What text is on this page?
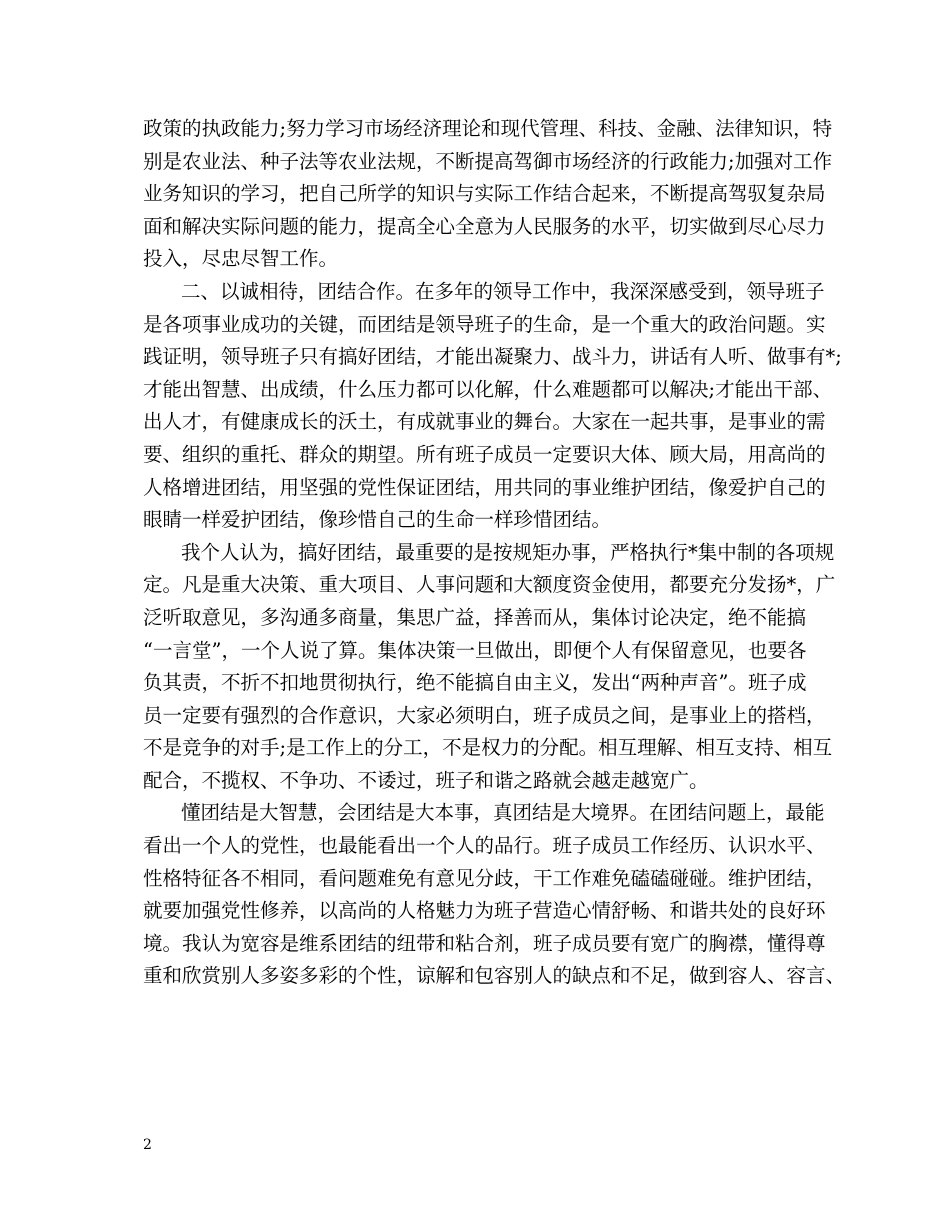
政策的执政能力;努力学习市场经济理论和现代管理、科技、金融、法律知识，特
别是农业法、种子法等农业法规，不断提高驾御市场经济的行政能力;加强对工作
业务知识的学习，把自己所学的知识与实际工作结合起来，不断提高驾驭复杂局
面和解决实际问题的能力，提高全心全意为人民服务的水平，切实做到尽心尽力
投入，尽忠尽智工作。
二、以诚相待，团结合作。在多年的领导工作中，我深深感受到，领导班子
是各项事业成功的关键，而团结是领导班子的生命，是一个重大的政治问题。实
践证明，领导班子只有搞好团结，才能出凝聚力、战斗力，讲话有人听、做事有*;
才能出智慧、出成绩，什么压力都可以化解，什么难题都可以解决;才能出干部、
出人才，有健康成长的沃土，有成就事业的舞台。大家在一起共事，是事业的需
要、组织的重托、群众的期望。所有班子成员一定要识大体、顾大局，用高尚的
人格增进团结，用坚强的党性保证团结，用共同的事业维护团结，像爱护自己的
眼睛一样爱护团结，像珍惜自己的生命一样珍惜团结。
我个人认为，搞好团结，最重要的是按规矩办事，严格执行*集中制的各项规
定。凡是重大决策、重大项目、人事问题和大额度资金使用，都要充分发扬*，广
泛听取意见，多沟通多商量，集思广益，择善而从，集体讨论决定，绝不能搞
“一言堂”，一个人说了算。集体决策一旦做出，即便个人有保留意见，也要各
负其责，不折不扣地贯彻执行，绝不能搞自由主义，发出“两种声音”。班子成
员一定要有强烈的合作意识，大家必须明白，班子成员之间，是事业上的搭档，
不是竞争的对手;是工作上的分工，不是权力的分配。相互理解、相互支持、相互
配合，不揽权、不争功、不诿过，班子和谐之路就会越走越宽广。
懂团结是大智慧，会团结是大本事，真团结是大境界。在团结问题上，最能
看出一个人的党性，也最能看出一个人的品行。班子成员工作经历、认识水平、
性格特征各不相同，看问题难免有意见分歧，干工作难免磕磕碰碰。维护团结，
就要加强党性修养，以高尚的人格魅力为班子营造心情舒畅、和谐共处的良好环
境。我认为宽容是维系团结的纽带和粘合剂，班子成员要有宽广的胸襟，懂得尊
重和欣赏别人多姿多彩的个性，谅解和包容别人的缺点和不足，做到容人、容言、
2
